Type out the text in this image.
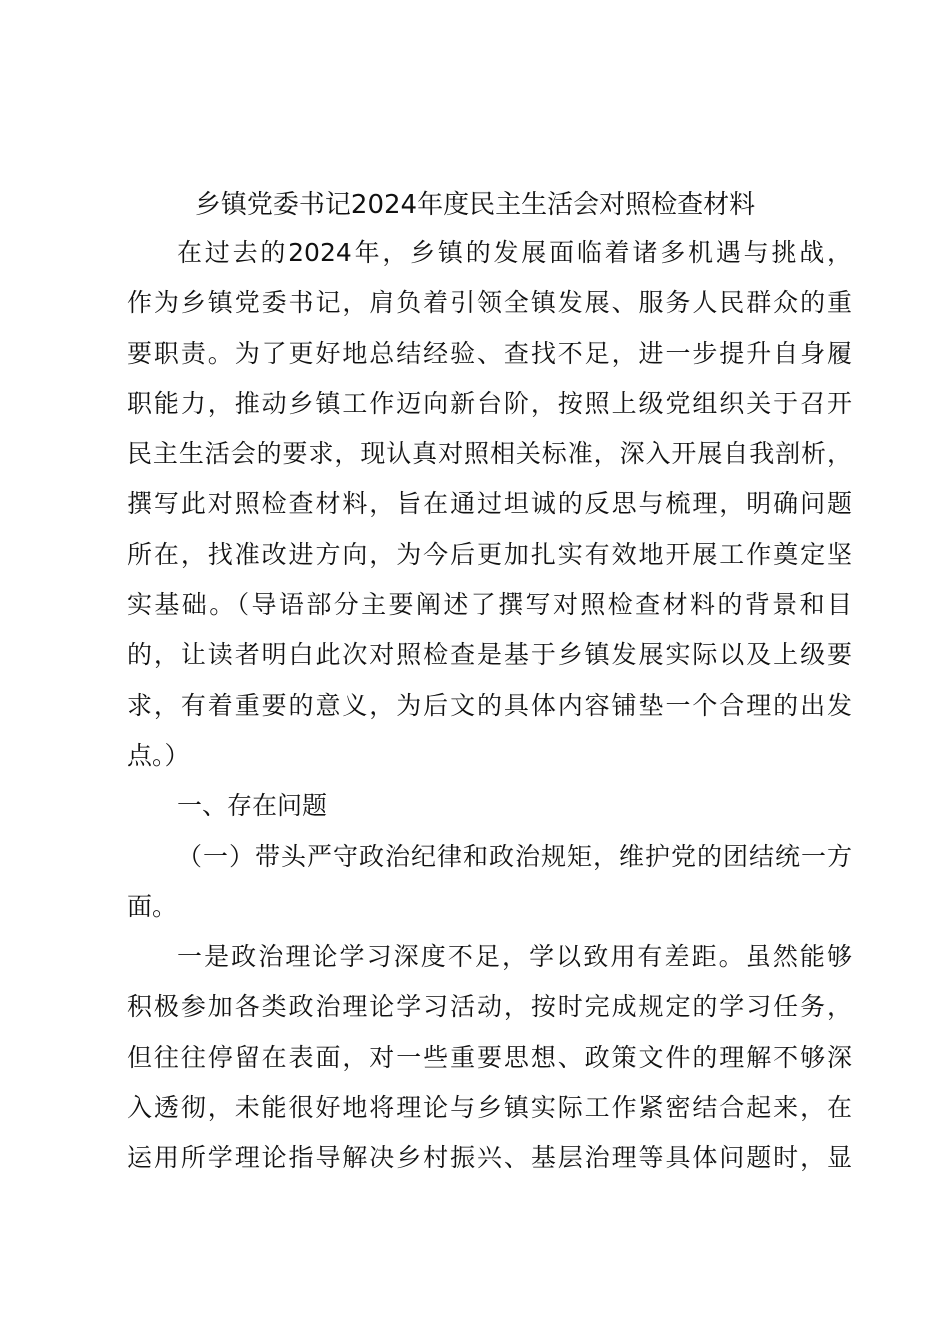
乡镇党委书记2024年度民主生活会对照检查材料
在过去的2024年，乡镇的发展面临着诸多机遇与挑战，
作为乡镇党委书记，肩负着引领全镇发展、服务人民群众的重
要职责。为了更好地总结经验、查找不足，进一步提升自身履
职能力，推动乡镇工作迈向新台阶，按照上级党组织关于召开
民主生活会的要求，现认真对照相关标准，深入开展自我剖析，
撰写此对照检查材料，旨在通过坦诚的反思与梳理，明确问题
所在，找准改进方向，为今后更加扎实有效地开展工作奠定坚
实基础。（导语部分主要阐述了撰写对照检查材料的背景和目
的，让读者明白此次对照检查是基于乡镇发展实际以及上级要
求，有着重要的意义，为后文的具体内容铺垫一个合理的出发
点。）
一、存在问题
（一）带头严守政治纪律和政治规矩，维护党的团结统一方
面。
一是政治理论学习深度不足，学以致用有差距。虽然能够
积极参加各类政治理论学习活动，按时完成规定的学习任务，
但往往停留在表面，对一些重要思想、政策文件的理解不够深
入透彻，未能很好地将理论与乡镇实际工作紧密结合起来，在
运用所学理论指导解决乡村振兴、基层治理等具体问题时，显
